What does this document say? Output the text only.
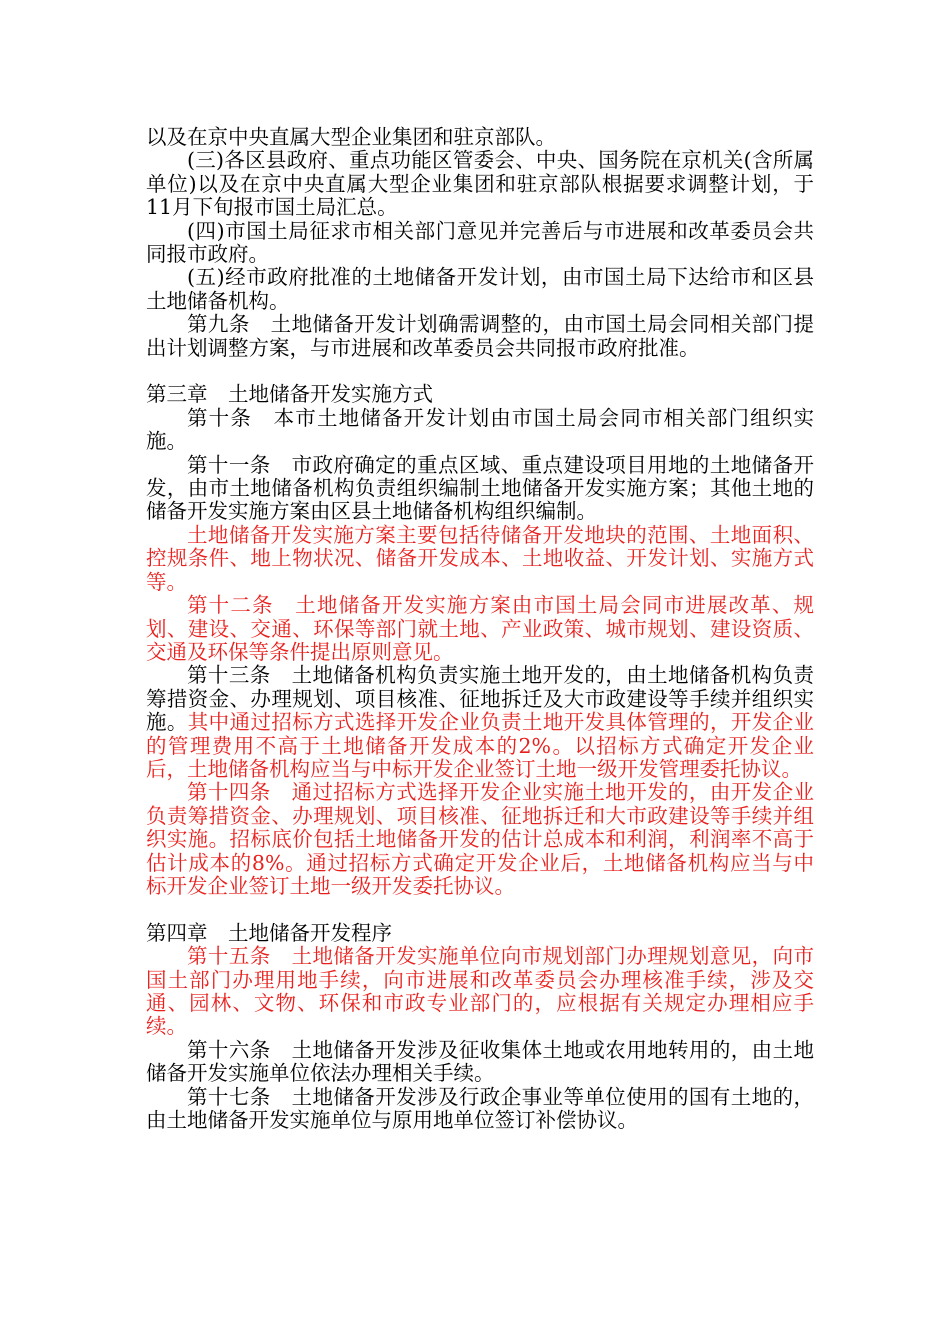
以及在京中央直属大型企业集团和驻京部队。

(三)各区县政府、重点功能区管委会、中央、国务院在京机关(含所属单位)以及在京中央直属大型企业集团和驻京部队根据要求调整计划，于11月下旬报市国土局汇总。

(四)市国土局征求市相关部门意见并完善后与市进展和改革委员会共同报市政府。

(五)经市政府批准的土地储备开发计划，由市国土局下达给市和区县土地储备机构。

第九条　土地储备开发计划确需调整的，由市国土局会同相关部门提出计划调整方案，与市进展和改革委员会共同报市政府批准。

第三章　土地储备开发实施方式

第十条　本市土地储备开发计划由市国土局会同市相关部门组织实施。

第十一条　市政府确定的重点区域、重点建设项目用地的土地储备开发，由市土地储备机构负责组织编制土地储备开发实施方案；其他土地的储备开发实施方案由区县土地储备机构组织编制。

土地储备开发实施方案主要包括待储备开发地块的范围、土地面积、控规条件、地上物状况、储备开发成本、土地收益、开发计划、实施方式等。

第十二条　土地储备开发实施方案由市国土局会同市进展改革、规划、建设、交通、环保等部门就土地、产业政策、城市规划、建设资质、交通及环保等条件提出原则意见。

第十三条　土地储备机构负责实施土地开发的，由土地储备机构负责筹措资金、办理规划、项目核准、征地拆迁及大市政建设等手续并组织实施。其中通过招标方式选择开发企业负责土地开发具体管理的，开发企业的管理费用不高于土地储备开发成本的2%。以招标方式确定开发企业后，土地储备机构应当与中标开发企业签订土地一级开发管理委托协议。

第十四条　通过招标方式选择开发企业实施土地开发的，由开发企业负责筹措资金、办理规划、项目核准、征地拆迁和大市政建设等手续并组织实施。招标底价包括土地储备开发的估计总成本和利润，利润率不高于估计成本的8%。通过招标方式确定开发企业后，土地储备机构应当与中标开发企业签订土地一级开发委托协议。

第四章　土地储备开发程序

第十五条　土地储备开发实施单位向市规划部门办理规划意见，向市国土部门办理用地手续，向市进展和改革委员会办理核准手续，涉及交通、园林、文物、环保和市政专业部门的，应根据有关规定办理相应手续。

第十六条　土地储备开发涉及征收集体土地或农用地转用的，由土地储备开发实施单位依法办理相关手续。

第十七条　土地储备开发涉及行政企事业等单位使用的国有土地的，由土地储备开发实施单位与原用地单位签订补偿协议。
